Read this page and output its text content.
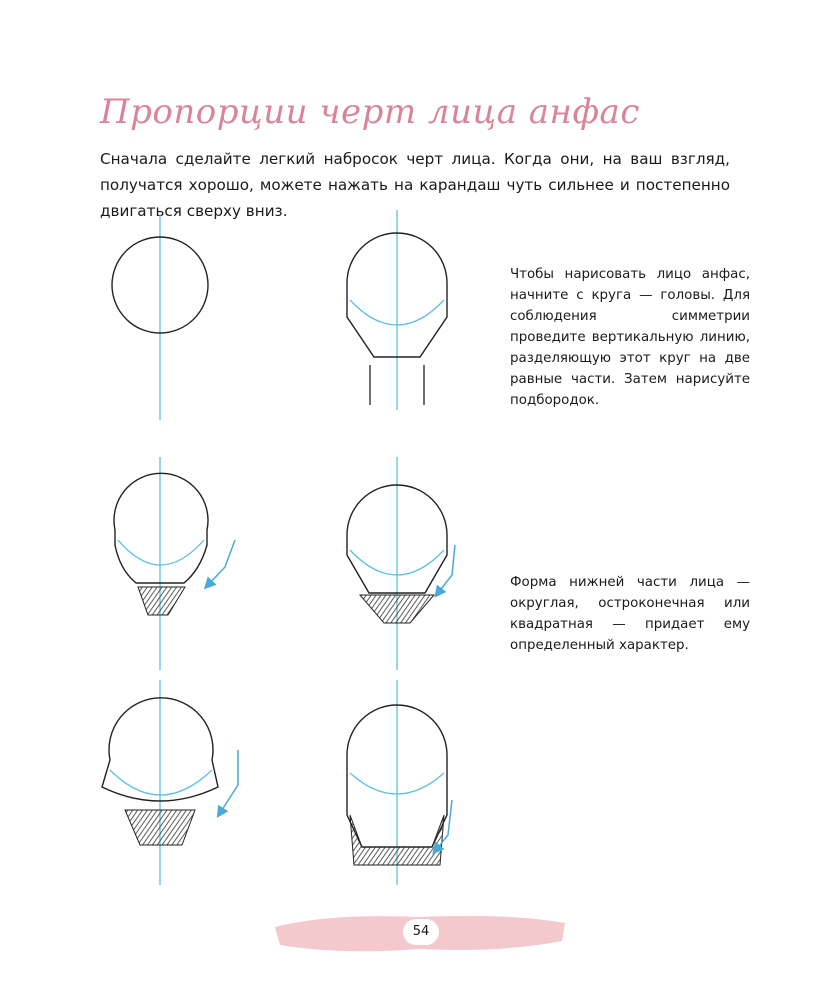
Пропорции черт лица анфас

Сначала сделайте легкий набросок черт лица. Когда они, на ваш взгляд, получатся хорошо, можете нажать на карандаш чуть сильнее и постепенно двигаться сверху вниз.

Чтобы нарисовать лицо анфас, начните с круга — головы. Для соблюдения симметрии проведите вертикальную линию, разделяющую этот круг на две равные части. Затем нарисуйте подбородок.

Форма нижней части лица — округлая, остроконечная или квадратная — придает ему определенный характер.

54
